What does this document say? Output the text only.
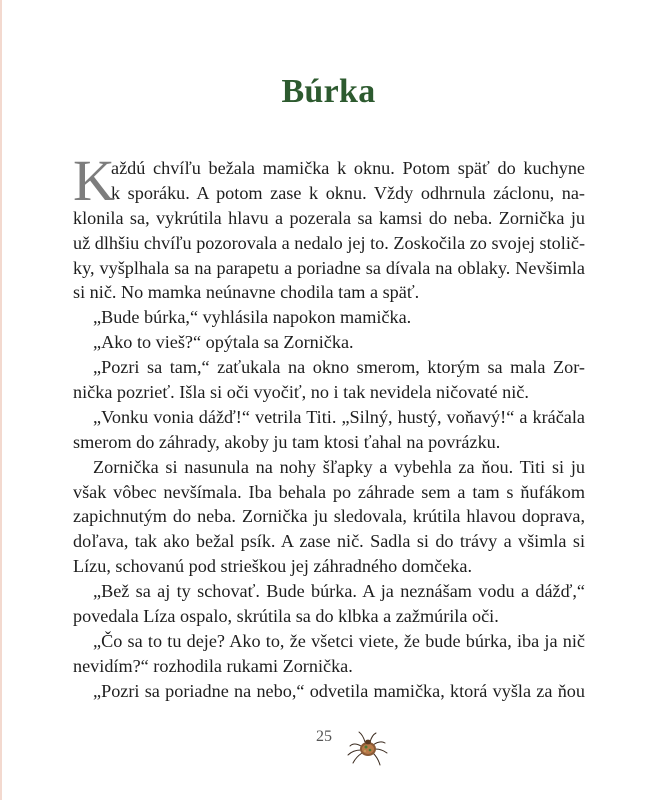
Búrka
K
aždú chvíľu bežala mamička k oknu. Potom späť do kuchyne
k sporáku. A potom zase k oknu. Vždy odhrnula záclonu, na-
klonila sa, vykrútila hlavu a pozerala sa kamsi do neba. Zornička ju
už dlhšiu chvíľu pozorovala a nedalo jej to. Zoskočila zo svojej stolič-
ky, vyšplhala sa na parapetu a poriadne sa dívala na oblaky. Nevšimla
si nič. No mamka neúnavne chodila tam a späť.
„Bude búrka,“ vyhlásila napokon mamička.
„Ako to vieš?“ opýtala sa Zornička.
„Pozri sa tam,“ zaťukala na okno smerom, ktorým sa mala Zor-
nička pozrieť. Išla si oči vyočiť, no i tak nevidela ničovaté nič.
„Vonku vonia dážď!“ vetrila Titi. „Silný, hustý, voňavý!“ a kráčala
smerom do záhrady, akoby ju tam ktosi ťahal na povrázku.
Zornička si nasunula na nohy šľapky a vybehla za ňou. Titi si ju
však vôbec nevšímala. Iba behala po záhrade sem a tam s ňufákom
zapichnutým do neba. Zornička ju sledovala, krútila hlavou doprava,
doľava, tak ako bežal psík. A zase nič. Sadla si do trávy a všimla si
Lízu, schovanú pod strieškou jej záhradného domčeka.
„Bež sa aj ty schovať. Bude búrka. A ja neznášam vodu a dážď,“
povedala Líza ospalo, skrútila sa do klbka a zažmúrila oči.
„Čo sa to tu deje? Ako to, že všetci viete, že bude búrka, iba ja nič
nevidím?“ rozhodila rukami Zornička.
„Pozri sa poriadne na nebo,“ odvetila mamička, ktorá vyšla za ňou
25
